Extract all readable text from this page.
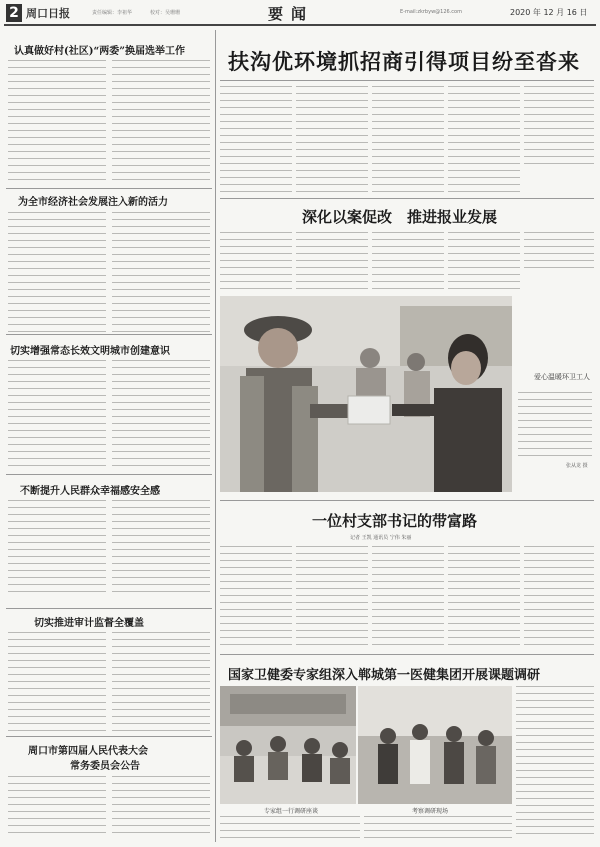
2 周口日报	责任编辑：李祖华	校对：吴珊珊	要闻	E-mail:zkrbyw@126.com	2020 年 12 月 16 日
认真做好村(社区)“两委”换届选举工作
为全市经济社会发展注入新的活力
切实增强常态长效文明城市创建意识
不断提升人民群众幸福感安全感
切实推进审计监督全覆盖
周口市第四届人民代表大会
常务委员会公告
扶沟优环境抓招商引得项目纷至沓来
深化以案促改　推进报业发展
爱心温暖环卫工人
张从龙 摄
一位村支部书记的带富路
记者 王凯 通讯员 宁伟 朱丽
国家卫健委专家组深入郸城第一医健集团开展课题调研
专家组一行调研座谈	考察调研现场
